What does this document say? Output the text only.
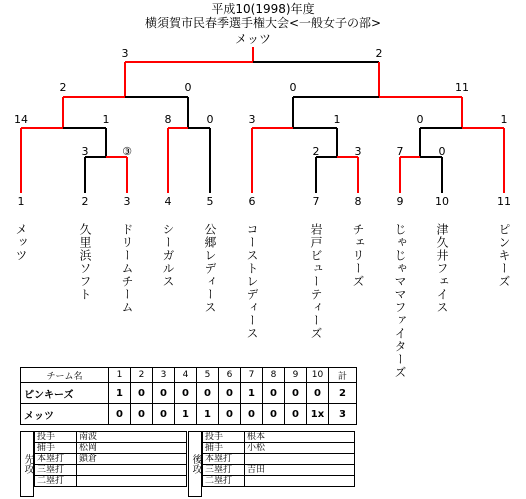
平成10(1998)年度
横須賀市民春季選手権大会<一般女子の部>
メッツ
3	2
2	0	0	11
14	1	8	0	3	1	0	1
3	③	2	3	7	0
1	2	3	4	5	6	7	8	9	10	11
メッツ	久里浜ソフト ドリームチーム シーガルス 公郷レディース コーストレディース	岩戸ビューティーズ チェリーズ じゃじゃママファイターズ 津久井フェイス	ピンキーズ
チーム名	1	2	3	4	5	6	7	8	9	10	計
ピンキーズ	1	0	0	0	0	0	1	0	0	0	2
メッツ	0	0	0	1	1	0	0	0	0	1x	3
先攻
投手	南波
捕手	松岡
本塁打	鎖倉
三塁打	
二塁打	
後攻
投手	根本
捕手	小松
本塁打	
三塁打	吉田
二塁打	
